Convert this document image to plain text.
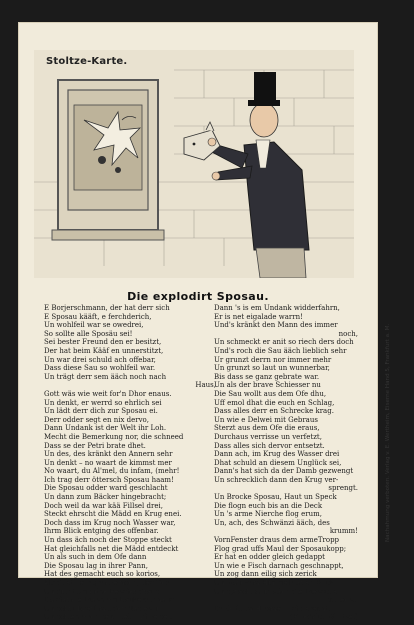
Stoltze-Karte.
Die explodirt Sposau.
E Borjerschmann, der hat derr sich
E Sposau kääft, e ferchderich,
Un wohlfeil war se owedrei,
So sollte alle Sposäu sei!
Sei bester Freund den er besitzt,
Der hat beim Kääf en unnerstitzt,
Un war drei schuld ach offebar,
Dass diese Sau so wohlfeil war.
Un trägt derr sem ääch noch nach
Haus,
Gott wäs wie weit for'n Dhor enaus.
Un denkt, er werrd so ehrlich sei
Un lädt derr dich zur Sposau ei.
Derr odder segt en nix dervo,
Dann Undank ist der Welt ihr Loh.
Mecht die Bemerkung nor, die schneed
Dass se der Petri brate dhet.
Un des, des kränkt den Annern sehr
Un denkt – no waart de kimmst mer
No waart, du Al'mel, du infam, (mehr!
Ich trag derr öttersch Sposau haam!
Die Sposau odder ward geschlacht
Un dann zum Bäcker hingebracht;
Doch weil da war kää Fillsel drei,
Steckt ehrscht die Mädd en Krug enei.
Doch dass im Krug noch Wasser war,
Ihrm Blick entging des offenbar.
Un dass äch noch der Stoppe steckt
Hat gleichfalls net die Mädd entdeckt
Un als such in dem Ofe dann
Die Sposau lag in ihrer Pann,
Hat des gemacht euch so korios,
Als dhet derr grunze noch, des Oos
Un dicht am offne Fenster draus
Da stann e Mann am Bäckerschhaus
Un schnubbert mit der Nas enei
Un schien auch sehr betriebt ze sei.
Dann 's is em Undank widderfahrn,
Er is net eigalade warrn!
Und's kränkt den Mann des immer
noch,
Un schmeckt er anit so riech ders doch
Und's roch die Sau ääch lieblich sehr
Ur grunzt derrn nor immer mehr
Un grunzt so laut un wunnerbar,
Bis dass se ganz gebrate war.
Un als der brave Schiesser nu
Die Sau wollt aus dem Ofe dhu,
Uff emol dhat die euch en Schlag,
Dass alles derr en Schrecke krag.
Un wie e Delwei mit Gebraus
Sterzt aus dem Ofe die eraus,
Durchaus verrisse un verfetzt,
Dass alles sich dervor entsetzt.
Dann ach, im Krug des Wasser drei
Dhat schuld an diesem Unglück sei,
Dann's hat sich da der Damb gezwengt
Un schrecklich dann den Krug ver-
sprengt.
Un Brocke Sposau, Haut un Speck
Die flogn euch bis an die Deck
Un 's arme Nierche flog erum,
Un, ach, des Schwänzi ääch, des
krumm!
VornFenster draus dem armeTropp
Flog grad uffs Maul der Sposaukopp;
Er hat en odder gleich gedappt
Un wie e Fisch darnach geschnappt,
Un zog dann eilig sich zerick
Un warf zum Himmel äänen Blick
Un sprach: Sein ääch die Mensche
schlecht,
Du Gott im Himmel bist gerecht.
(Friedrich Stoltze.)
Nachahmung verboten. Verlag v. E. Wertheim, Eiserne Hand 5, Frankfurt a. M.
